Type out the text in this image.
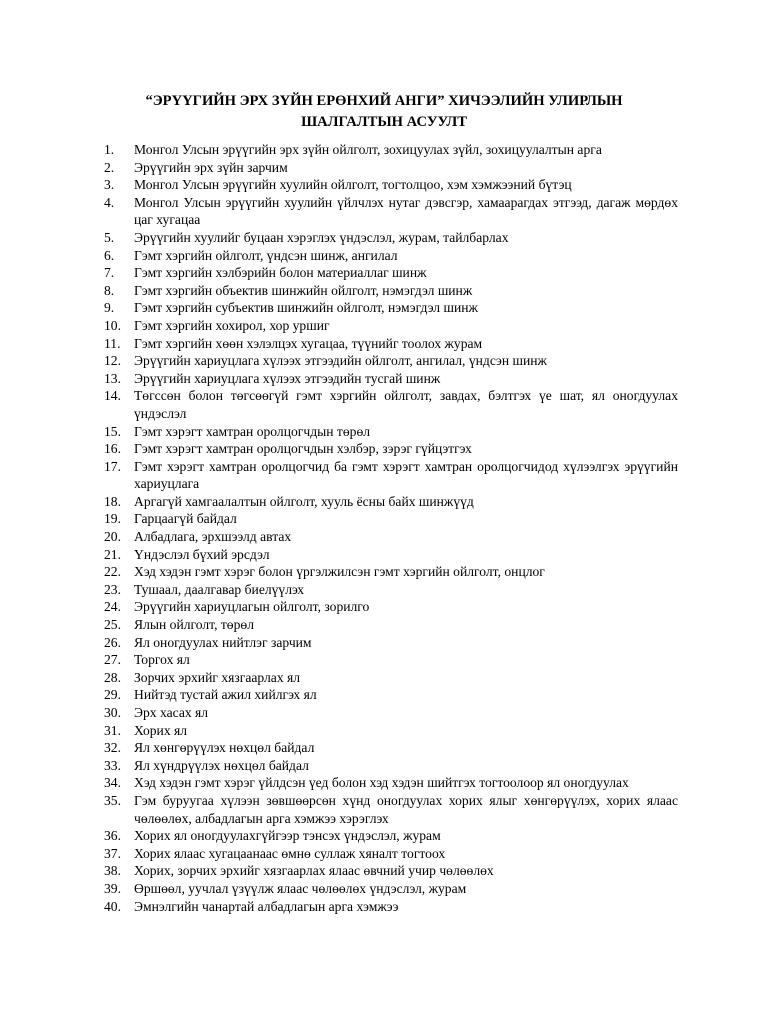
“ЭРҮҮГИЙН ЭРХ ЗҮЙН ЕРӨНХИЙ АНГИ” ХИЧЭЭЛИЙН УЛИРЛЫН
ШАЛГАЛТЫН АСУУЛТ
1.	Монгол Улсын эрүүгийн эрх зүйн ойлголт, зохицуулах зүйл, зохицуулалтын арга
2.	Эрүүгийн эрх зүйн зарчим
3.	Монгол Улсын эрүүгийн хуулийн ойлголт, тогтолцоо, хэм хэмжээний бүтэц
4.	Монгол Улсын эрүүгийн хуулийн үйлчлэх нутаг дэвсгэр, хамаарагдах этгээд, дагаж мөрдөх цаг хугацаа
5.	Эрүүгийн хуулийг буцаан хэрэглэх үндэслэл, журам, тайлбарлах
6.	Гэмт хэргийн ойлголт, үндсэн шинж, ангилал
7.	Гэмт хэргийн хэлбэрийн болон материаллаг шинж
8.	Гэмт хэргийн объектив шинжийн ойлголт, нэмэгдэл шинж
9.	Гэмт хэргийн субъектив шинжийн ойлголт, нэмэгдэл шинж
10. Гэмт хэргийн хохирол, хор уршиг
11. Гэмт хэргийн хөөн хэлэлцэх хугацаа, түүнийг тоолох журам
12. Эрүүгийн хариуцлага хүлээх этгээдийн ойлголт, ангилал, үндсэн шинж
13. Эрүүгийн хариуцлага хүлээх этгээдийн тусгай шинж
14. Төгссөн болон төгсөөгүй гэмт хэргийн ойлголт, завдах, бэлтгэх үе шат, ял оногдуулах үндэслэл
15. Гэмт хэрэгт хамтран оролцогчдын төрөл
16. Гэмт хэрэгт хамтран оролцогчдын хэлбэр, зэрэг гүйцэтгэх
17. Гэмт хэрэгт хамтран оролцогчид ба гэмт хэрэгт хамтран оролцогчидод хүлээлгэх эрүүгийн хариуцлага
18. Аргагүй хамгаалалтын ойлголт, хууль ёсны байх шинжүүд
19. Гарцаагүй байдал
20. Албадлага, эрхшээлд автах
21. Үндэслэл бүхий эрсдэл
22. Хэд хэдэн гэмт хэрэг болон үргэлжилсэн гэмт хэргийн ойлголт, онцлог
23. Тушаал, даалгавар биелүүлэх
24. Эрүүгийн хариуцлагын ойлголт, зорилго
25. Ялын ойлголт, төрөл
26. Ял оногдуулах нийтлэг зарчим
27. Торгох ял
28. Зорчих эрхийг хязгаарлах ял
29. Нийтэд тустай ажил хийлгэх ял
30. Эрх хасах ял
31. Хорих ял
32. Ял хөнгөрүүлэх нөхцөл байдал
33. Ял хүндрүүлэх нөхцөл байдал
34. Хэд хэдэн гэмт хэрэг үйлдсэн үед болон хэд хэдэн шийтгэх тогтоолоор ял оногдуулах
35. Гэм буруугаа хүлээн зөвшөөрсөн хүнд оногдуулах хорих ялыг хөнгөрүүлэх, хорих ялаас чөлөөлөх, албадлагын арга хэмжээ хэрэглэх
36. Хорих ял оногдуулахгүйгээр тэнсэх үндэслэл, журам
37. Хорих ялаас хугацаанаас өмнө суллаж хяналт тогтоох
38. Хорих, зорчих эрхийг хязгаарлах ялаас өвчний учир чөлөөлөх
39. Өршөөл, уучлал үзүүлж ялаас чөлөөлөх үндэслэл, журам
40. Эмнэлгийн чанартай албадлагын арга хэмжээ
